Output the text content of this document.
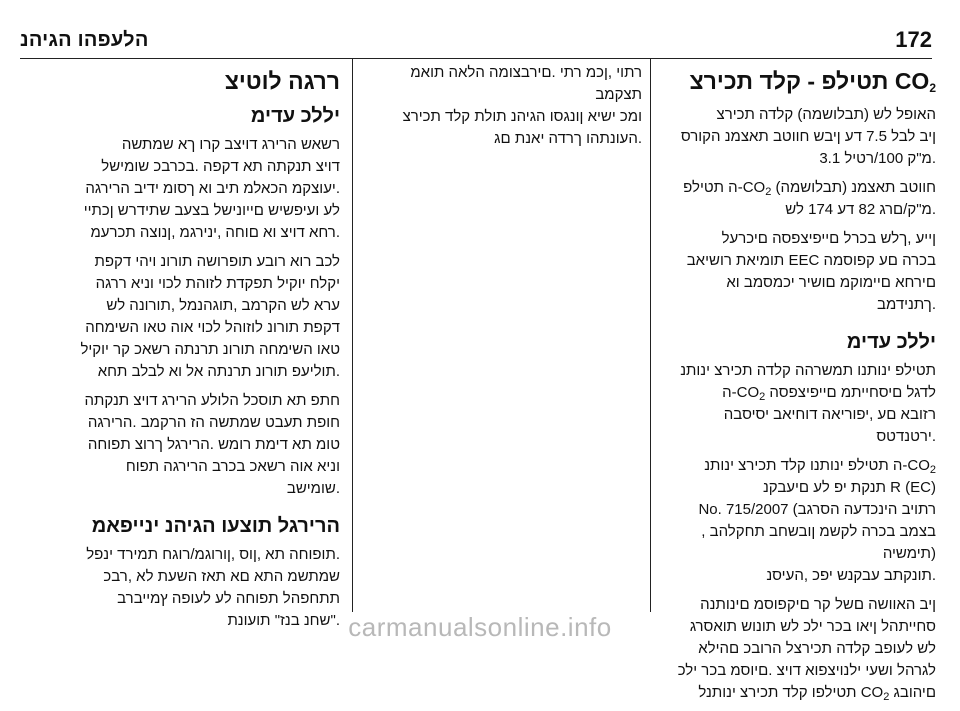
הלעפהו הגיהנ	172
$CO_2$ תטילפ - קלד תכירצ

האופל לש (תבלושמה) קלדה תכירצ
ןיב לבל 7.5 דע ןיבש חווטב תאצמנ הקורס
.מ"ק 100/רטיל 3.1

חווטב תאצמנ (תבלושמה) $CO_2-ה$ תטילפ
.מ"ק/םרג 82 דע 174 לש

ןייע ,ךלש בכרל םייפיצפסה םיכרעל
בכרה םע קפוסמה EEC תומיאת רושיאב
םירחא םיימוקמ םושיר יכמסמב וא
.ךתנידמב

יללכ עדימ

תטילפ ינותנו תמשרהה קלדה תכירצ ינותנ
לדגל םיסחייתמ םייפיצפסה $CO_2-ה$
רזובא םע ,יפוריאה דוחיאב יסיסבה
.ירטנדטס

$CO_2-ה$ תטילפ ינותנו קלד תכירצ ינותנ
R (EC) תנקת יפ לע םיעבקנ
רתויב הינכדעה הסרגב) No. 715/2007
בצמב בכרה לקשמ ןובשחב תחקלהב ,(תימשיה
.תונקתב עבקנש יפכ ,העיסנ

ןיב האוושה םשל קר םיקפוסמ םינותנה
סחייתהל ןיאו בכר ילכ לש תונוש תואסרג
לש לעופב קלדה תכירצל הרובכ םהילא
לגרהל ושעי ילנויצפוא דויצ .םיוסמ בכר ילכ
םיהובג $CO_2$ תטילפו קלד תכירצ ינותנל

רתוי ,ןכמ רתי .םירבצומה הלאה תואמ תצקמב
ומכ ישיא ןונגסו הגיהנ תולת קלד תכירצ
.העונתהו ךרדה יאנת םג

ררגה לוטיצ
יללכ עדימ

רשאש הרירג דויצב קרו ךא שמתשה
דויצ תנקתה תא דקפה .בכרבכ שומישל
.יעוצקמ הכאלמ תיב וא ךסומ ידיב הרירגה
לע ועיפשיש םייונישל בצעב שתידרש ןכתיי
.רחא דויצ וא םוחה ,ינירגמ ,ןנוצה תכרעמ

לכב רוא רובע תופרושה תורונ ויהי דקפת
יקלח יוקיל תפקדת לזוהת לכוי וניא ררגה
ערא לש הקרמב ,תוגהנמל ,תורונה לש
דקפת תורונ לוזוהל לכוי אוה טאו השימחה
טאו השימחה תורונ תרנתה רשאכ קר יוקיל
.תוליעפ תורונ תרנתה אל וא לבלב תחא

חתפ תא תוסכל הלולע הרירג דויצ תנקתה
חופת תעבט שמתשה הז הרקמב .הרירגה
טומ תא דימת רומש .הרירגל ךרוצ תפוחה
וניא אוה רשאכ בכרב הרירגה תפוח
.שומישב

הרירגל תוצעו הגיהנ ינייפאמ

.תופוחה תא ,ןוס ,ןורוגמ/רוגח תמירד ינפל
שמתשמ התא םא תאז השעת לא ,רבכ
תתחפהל תפוחה לע לעופה ץמייברב
."שחנ בנז" תועונת carmanualsonline.info
